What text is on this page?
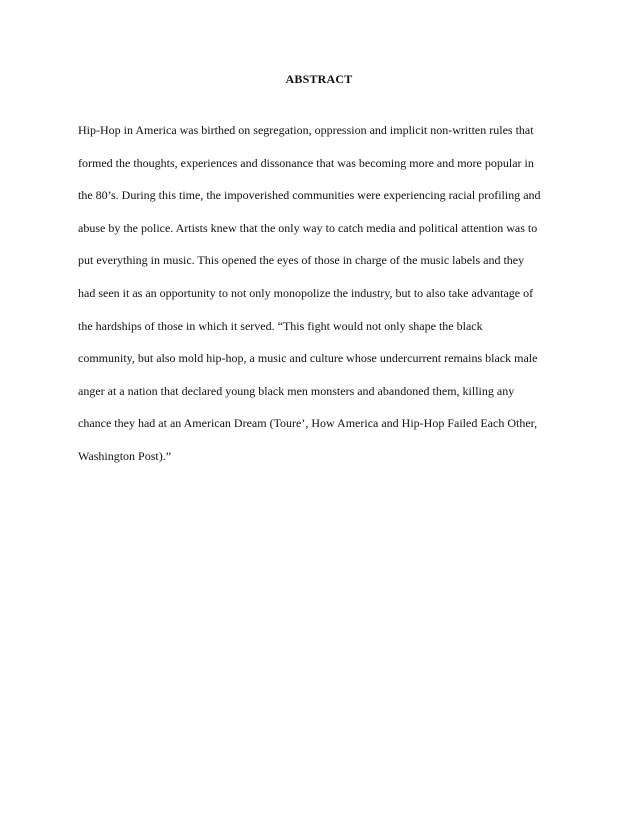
ABSTRACT
Hip-Hop in America was birthed on segregation, oppression and implicit non-written rules that
formed the thoughts, experiences and dissonance that was becoming more and more popular in
the 80’s. During this time, the impoverished communities were experiencing racial profiling and
abuse by the police. Artists knew that the only way to catch media and political attention was to
put everything in music. This opened the eyes of those in charge of the music labels and they
had seen it as an opportunity to not only monopolize the industry, but to also take advantage of
the hardships of those in which it served. “This fight would not only shape the black
community, but also mold hip-hop, a music and culture whose undercurrent remains black male
anger at a nation that declared young black men monsters and abandoned them, killing any
chance they had at an American Dream (Toure’, How America and Hip-Hop Failed Each Other,
Washington Post).”
